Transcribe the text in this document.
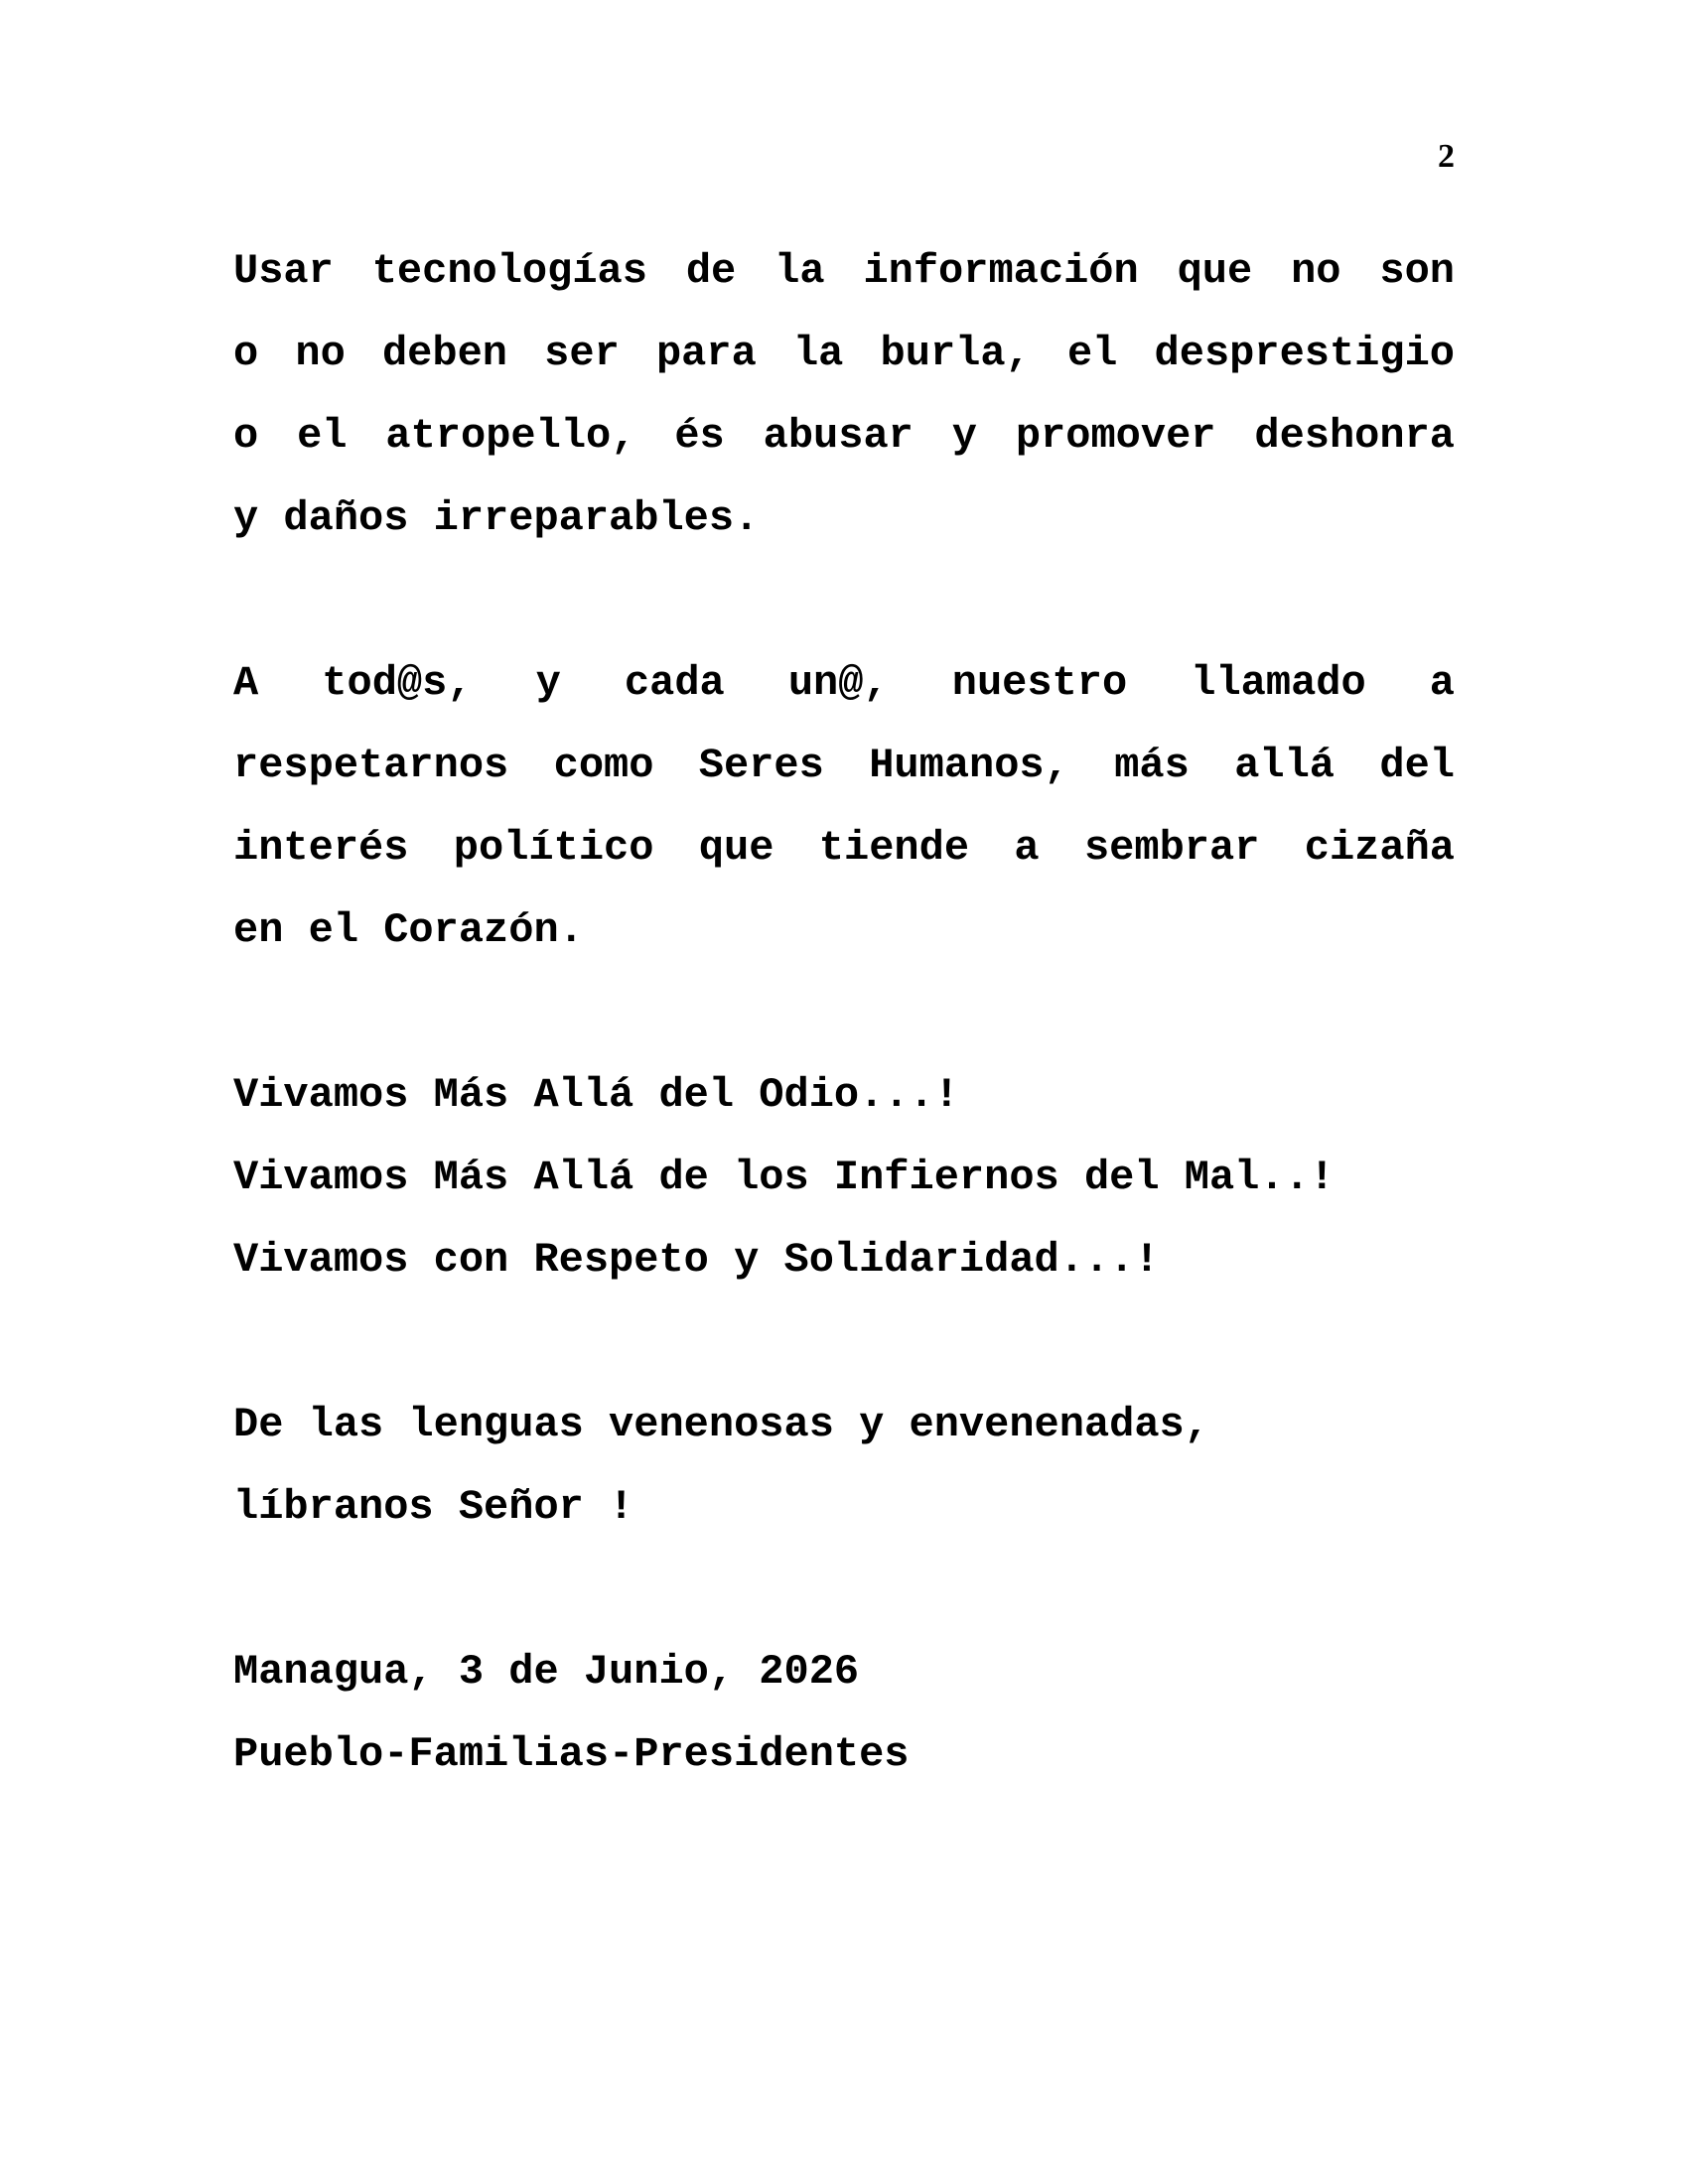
2
Usar tecnologías de la información que no son
o no deben ser para la burla, el desprestigio
o el atropello, és abusar y promover deshonra
y daños irreparables.
A tod@s, y cada un@, nuestro llamado a
respetarnos como Seres Humanos, más allá del
interés político que tiende a sembrar cizaña
en el Corazón.
Vivamos Más Allá del Odio...!
Vivamos Más Allá de los Infiernos del Mal..!
Vivamos con Respeto y Solidaridad...!
De las lenguas venenosas y envenenadas,
líbranos Señor !
Managua, 3 de Junio, 2026
Pueblo-Familias-Presidentes
